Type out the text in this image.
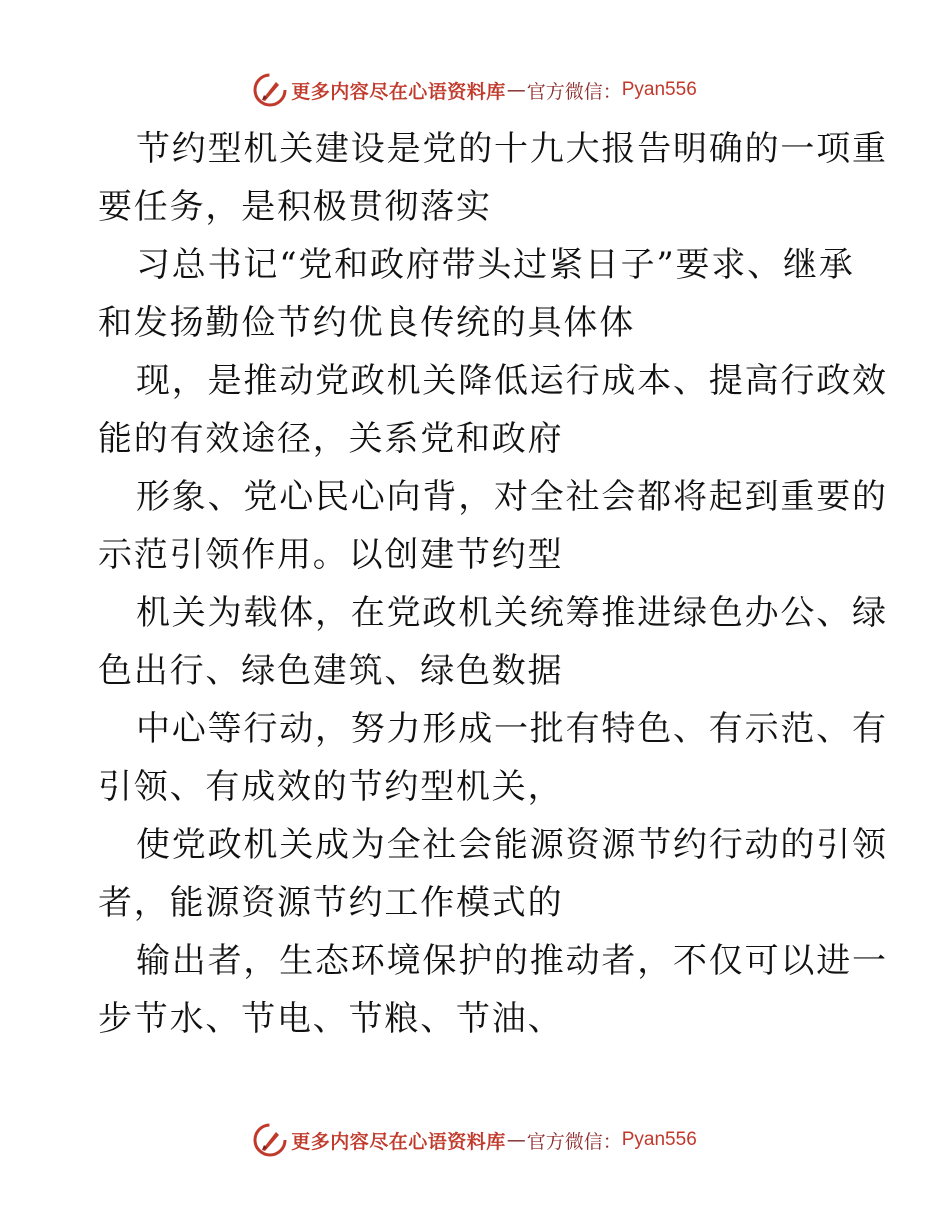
更多内容尽在心语资料库 — 官方微信： Pyan556
节约型机关建设是党的十九大报告明确的一项重
要任务，是积极贯彻落实
习总书记“党和政府带头过紧日子”要求、继承
和发扬勤俭节约优良传统的具体体
现，是推动党政机关降低运行成本、提高行政效
能的有效途径，关系党和政府
形象、党心民心向背，对全社会都将起到重要的
示范引领作用。以创建节约型
机关为载体，在党政机关统筹推进绿色办公、绿
色出行、绿色建筑、绿色数据
中心等行动，努力形成一批有特色、有示范、有
引领、有成效的节约型机关，
使党政机关成为全社会能源资源节约行动的引领
者，能源资源节约工作模式的
输出者，生态环境保护的推动者，不仅可以进一
步节水、节电、节粮、节油、
更多内容尽在心语资料库 — 官方微信： Pyan556
